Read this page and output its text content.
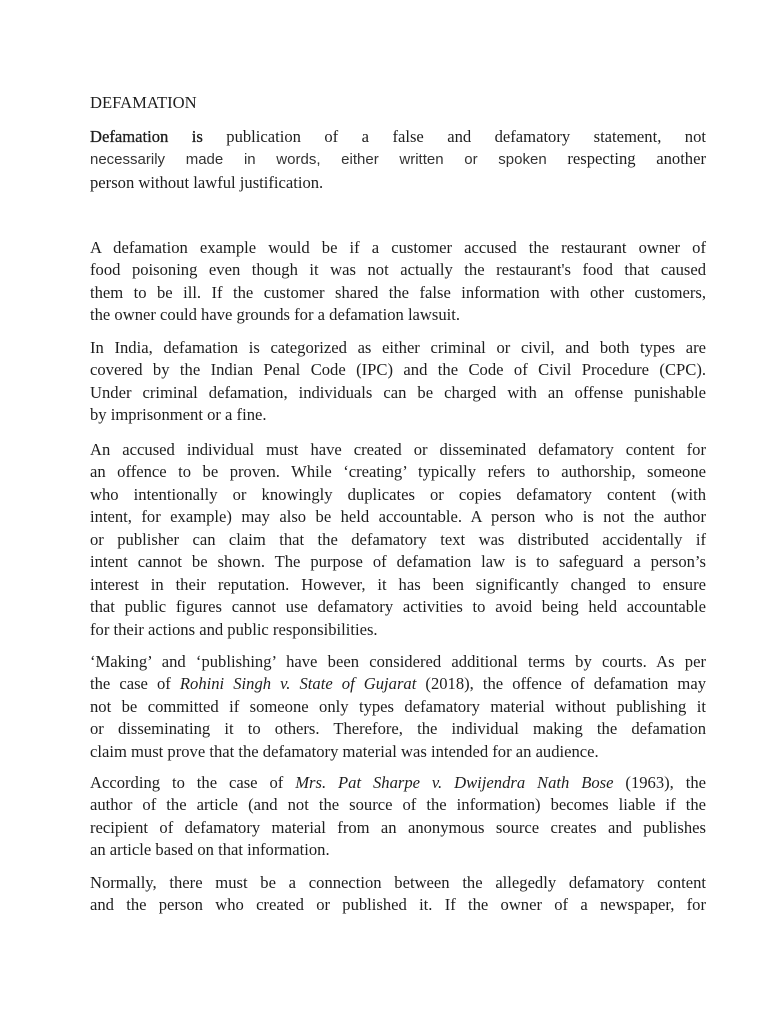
DEFAMATION
Defamation is publication of a false and defamatory statement, not
necessarily made in words, either written or spoken respecting another
person without lawful justification.
A defamation example would be if a customer accused the restaurant owner of
food poisoning even though it was not actually the restaurant's food that caused
them to be ill. If the customer shared the false information with other customers,
the owner could have grounds for a defamation lawsuit.
In India, defamation is categorized as either criminal or civil, and both types are
covered by the Indian Penal Code (IPC) and the Code of Civil Procedure (CPC).
Under criminal defamation, individuals can be charged with an offense punishable
by imprisonment or a fine.
An accused individual must have created or disseminated defamatory content for
an offence to be proven. While ‘creating’ typically refers to authorship, someone
who intentionally or knowingly duplicates or copies defamatory content (with
intent, for example) may also be held accountable. A person who is not the author
or publisher can claim that the defamatory text was distributed accidentally if
intent cannot be shown. The purpose of defamation law is to safeguard a person’s
interest in their reputation. However, it has been significantly changed to ensure
that public figures cannot use defamatory activities to avoid being held accountable
for their actions and public responsibilities.
‘Making’ and ‘publishing’ have been considered additional terms by courts. As per
the case of Rohini Singh v. State of Gujarat (2018), the offence of defamation may
not be committed if someone only types defamatory material without publishing it
or disseminating it to others. Therefore, the individual making the defamation
claim must prove that the defamatory material was intended for an audience.
According to the case of Mrs. Pat Sharpe v. Dwijendra Nath Bose (1963), the
author of the article (and not the source of the information) becomes liable if the
recipient of defamatory material from an anonymous source creates and publishes
an article based on that information.
Normally, there must be a connection between the allegedly defamatory content
and the person who created or published it. If the owner of a newspaper, for
